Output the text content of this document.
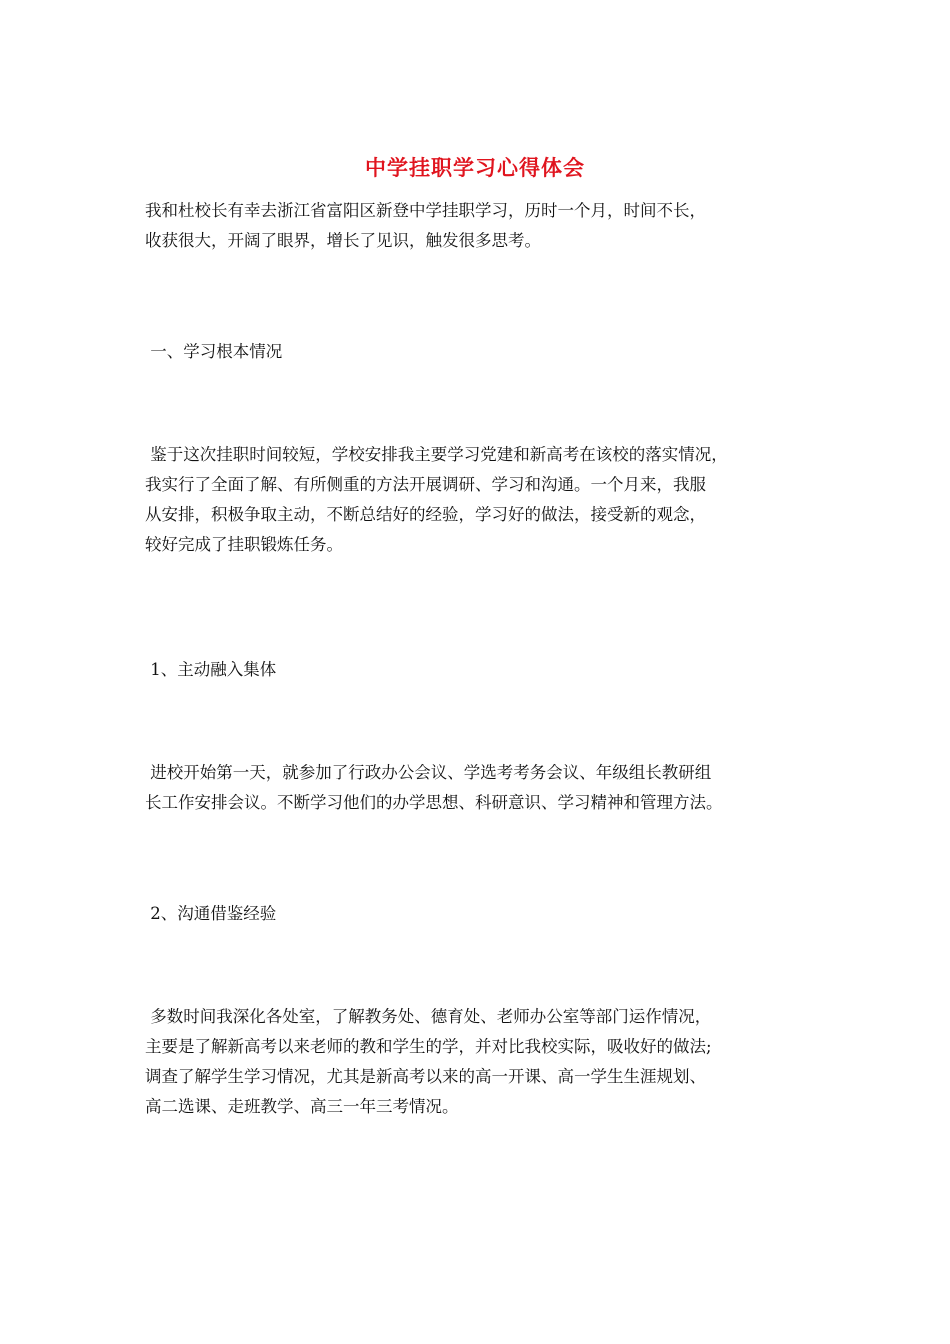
中学挂职学习心得体会

我和杜校长有幸去浙江省富阳区新登中学挂职学习，历时一个月，时间不长，
收获很大，开阔了眼界，增长了见识，触发很多思考。

一、学习根本情况

鉴于这次挂职时间较短，学校安排我主要学习党建和新高考在该校的落实情况，
我实行了全面了解、有所侧重的方法开展调研、学习和沟通。一个月来，我服
从安排，积极争取主动，不断总结好的经验，学习好的做法，接受新的观念，
较好完成了挂职锻炼任务。

1、主动融入集体

进校开始第一天，就参加了行政办公会议、学选考考务会议、年级组长教研组
长工作安排会议。不断学习他们的办学思想、科研意识、学习精神和管理方法。

2、沟通借鉴经验

多数时间我深化各处室，了解教务处、德育处、老师办公室等部门运作情况，
主要是了解新高考以来老师的教和学生的学，并对比我校实际，吸收好的做法;
调查了解学生学习情况，尤其是新高考以来的高一开课、高一学生生涯规划、
高二选课、走班教学、高三一年三考情况。
